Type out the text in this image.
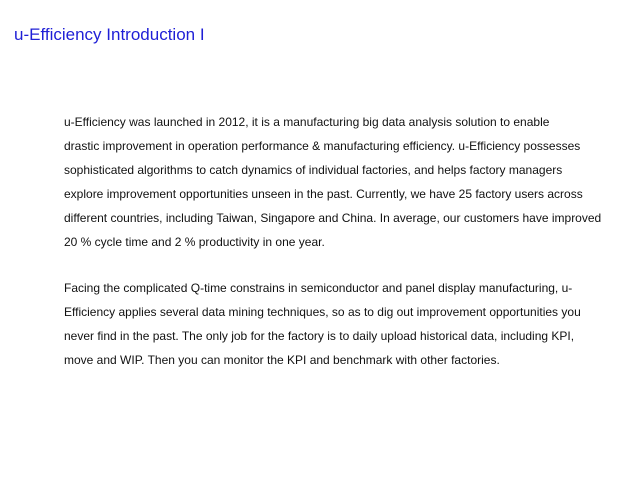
u-Efficiency Introduction I

u-Efficiency was launched in 2012, it is a manufacturing big data analysis solution to enable
drastic improvement in operation performance & manufacturing efficiency. u-Efficiency possesses
sophisticated algorithms to catch dynamics of individual factories, and helps factory managers
explore improvement opportunities unseen in the past. Currently, we have 25 factory users across
different countries, including Taiwan, Singapore and China. In average, our customers have improved
20 % cycle time and 2 % productivity in one year.

Facing the complicated Q-time constrains in semiconductor and panel display manufacturing, u-
Efficiency applies several data mining techniques, so as to dig out improvement opportunities you
never find in the past. The only job for the factory is to daily upload historical data, including KPI,
move and WIP. Then you can monitor the KPI and benchmark with other factories.
